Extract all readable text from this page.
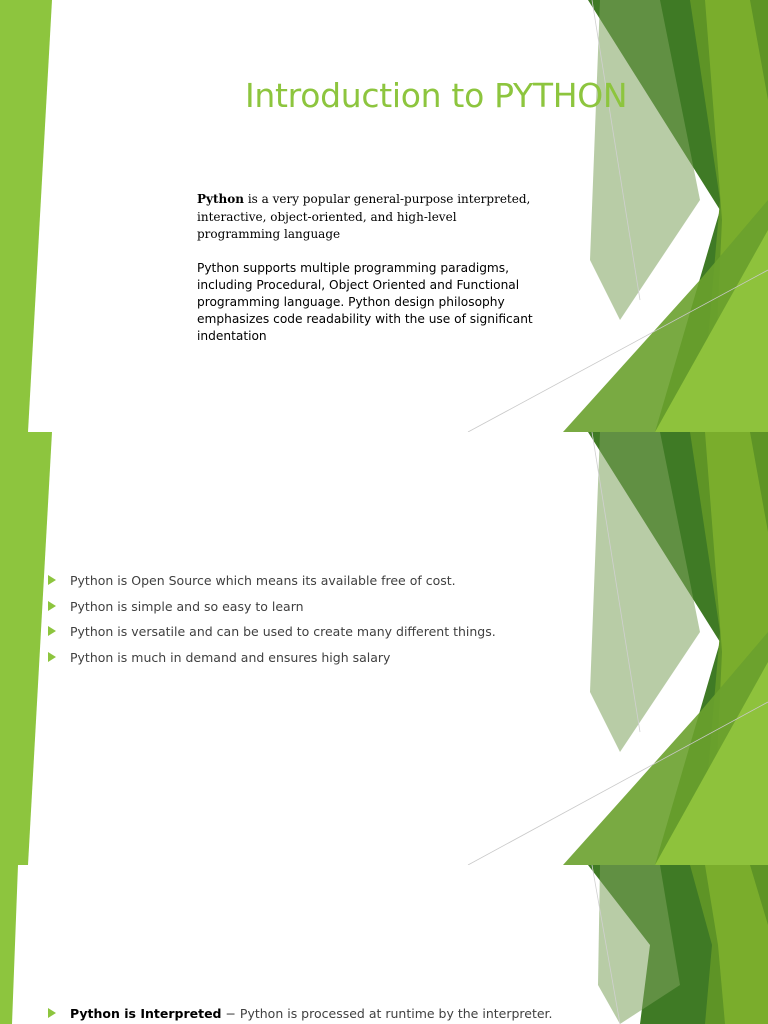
Introduction to PYTHON

Python is a very popular general-purpose interpreted, interactive, object-oriented, and high-level programming language

Python supports multiple programming paradigms, including Procedural, Object Oriented and Functional programming language. Python design philosophy emphasizes code readability with the use of significant indentation

Python is Open Source which means its available free of cost.
Python is simple and so easy to learn
Python is versatile and can be used to create many different things.
Python is much in demand and ensures high salary

Python is Interpreted − Python is processed at runtime by the interpreter.
